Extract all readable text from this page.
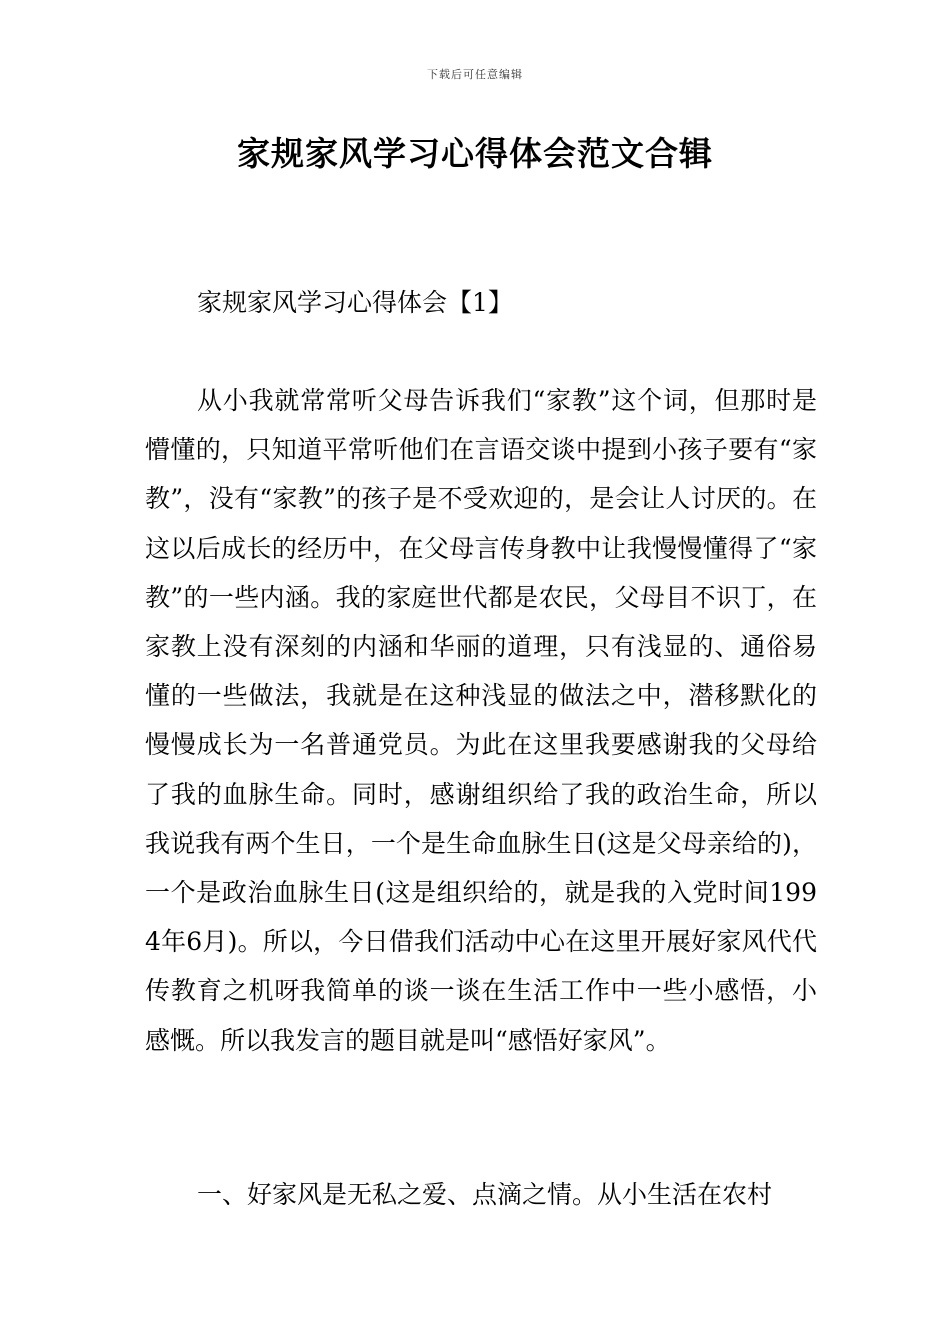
下载后可任意编辑
家规家风学习心得体会范文合辑
家规家风学习心得体会【1】

从小我就常常听父母告诉我们“家教”这个词，但那时是懵懂的，只知道平常听他们在言语交谈中提到小孩子要有“家教”，没有“家教”的孩子是不受欢迎的，是会让人讨厌的。在这以后成长的经历中，在父母言传身教中让我慢慢懂得了“家教”的一些内涵。我的家庭世代都是农民，父母目不识丁，在家教上没有深刻的内涵和华丽的道理，只有浅显的、通俗易懂的一些做法，我就是在这种浅显的做法之中，潜移默化的慢慢成长为一名普通党员。为此在这里我要感谢我的父母给了我的血脉生命。同时，感谢组织给了我的政治生命，所以我说我有两个生日，一个是生命血脉生日(这是父母亲给的)，一个是政治血脉生日(这是组织给的，就是我的入党时间1994年6月)。所以，今日借我们活动中心在这里开展好家风代代传教育之机呀我简单的谈一谈在生活工作中一些小感悟，小感慨。所以我发言的题目就是叫“感悟好家风”。

一、好家风是无私之爱、点滴之情。从小生活在农村
